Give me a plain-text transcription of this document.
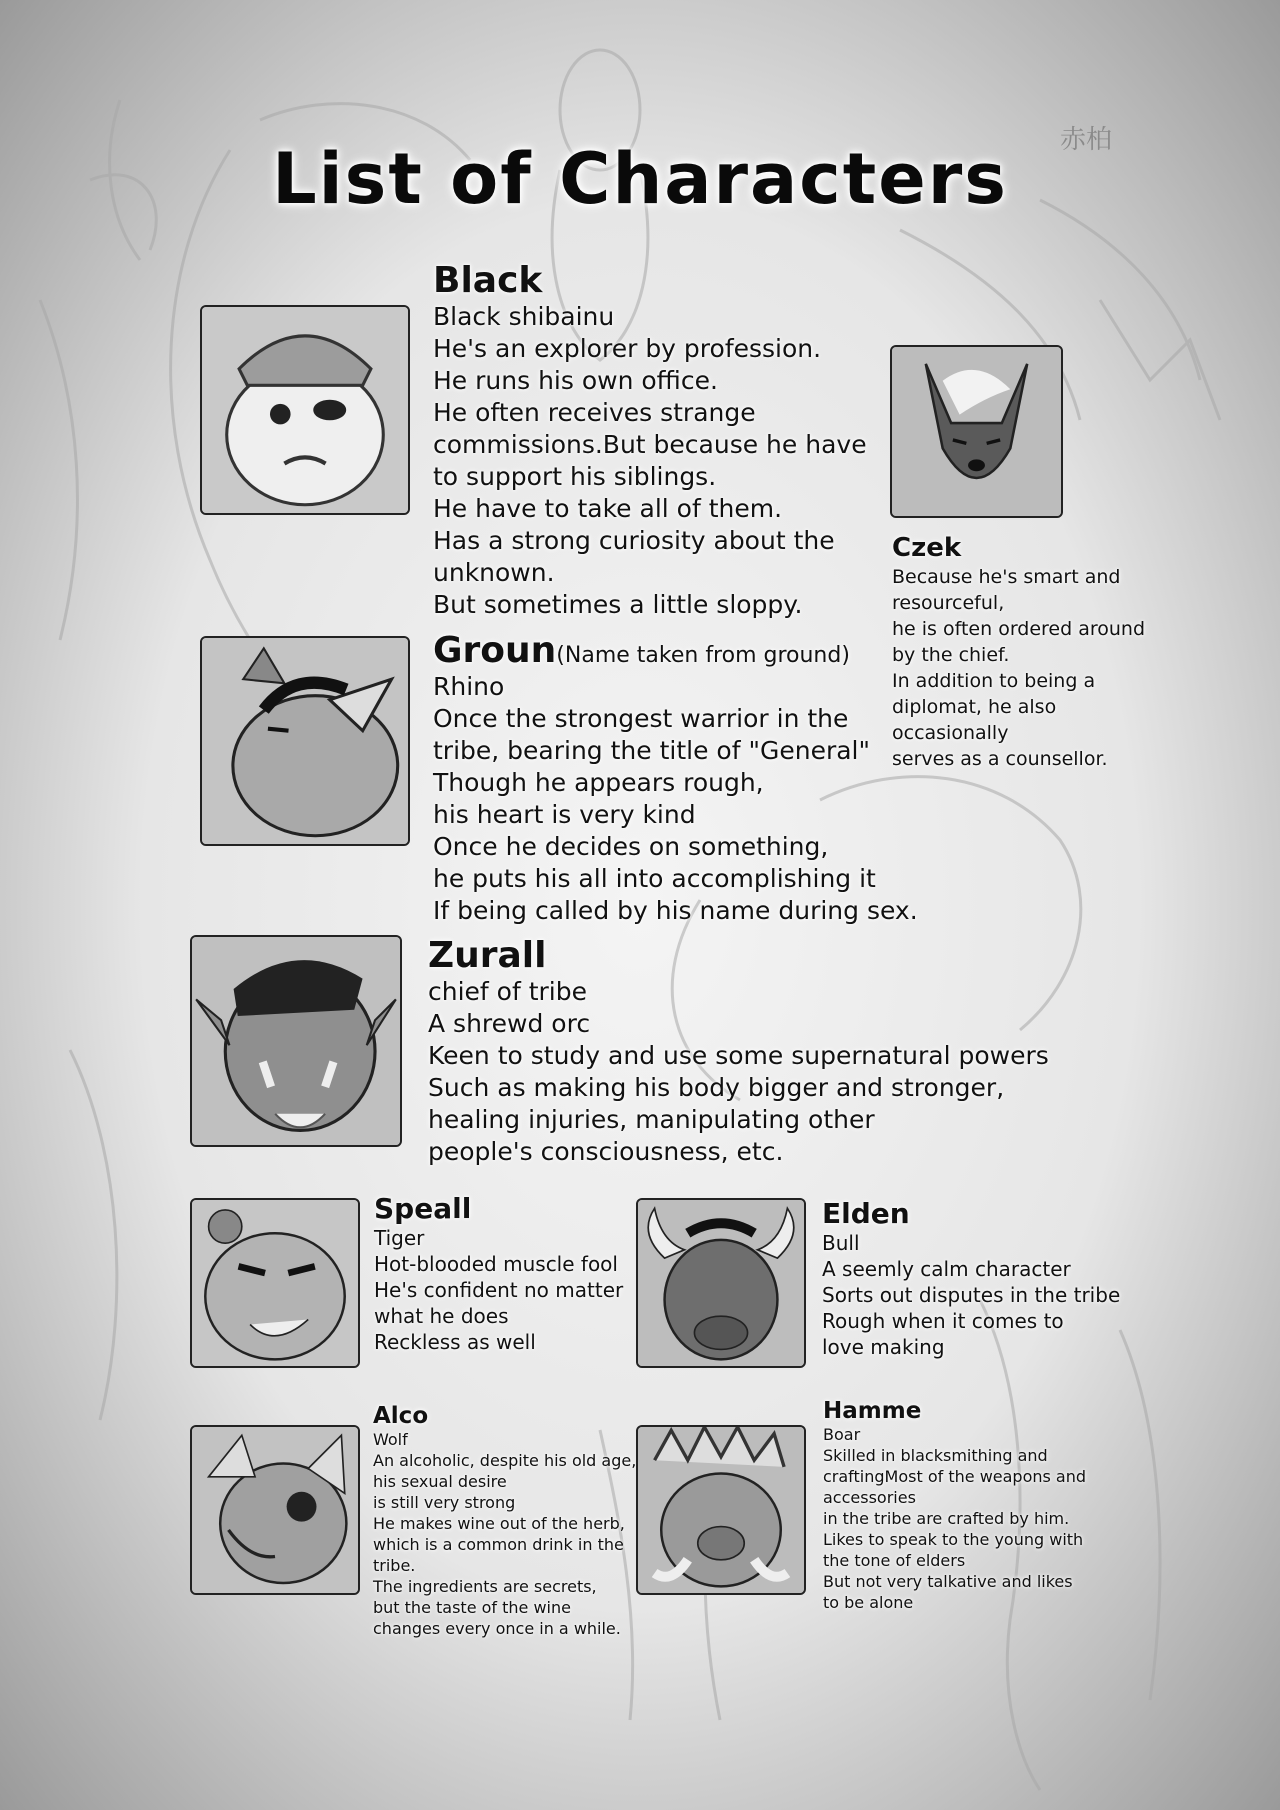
赤柏
List of Characters
Black
Black shibainu
He's an explorer by profession.
He runs his own office.
He often receives strange
commissions.But because he have
to support his siblings.
He have to take all of them.
Has a strong curiosity about the
unknown.
But sometimes a little sloppy.
Czek
Because he's smart and
resourceful,
he is often ordered around
by the chief.
In addition to being a
diplomat, he also
occasionally
serves as a counsellor.
Groun(Name taken from ground)
Rhino
Once the strongest warrior in the
tribe, bearing the title of "General"
Though he appears rough,
his heart is very kind
Once he decides on something,
he puts his all into accomplishing it
If being called by his name during sex.
Zurall
chief of tribe
A shrewd orc
Keen to study and use some supernatural powers
Such as making his body bigger and stronger,
healing injuries, manipulating other
people's consciousness, etc.
Speall
Tiger
Hot-blooded muscle fool
He's confident no matter
what he does
Reckless as well
Elden
Bull
A seemly calm character
Sorts out disputes in the tribe
Rough when it comes to
love making
Alco
Wolf
An alcoholic, despite his old age,
his sexual desire
is still very strong
He makes wine out of the herb,
which is a common drink in the
tribe.
The ingredients are secrets,
but the taste of the wine
changes every once in a while.
Hamme
Boar
Skilled in blacksmithing and
craftingMost of the weapons and
accessories
in the tribe are crafted by him.
Likes to speak to the young with
the tone of elders
But not very talkative and likes
to be alone
